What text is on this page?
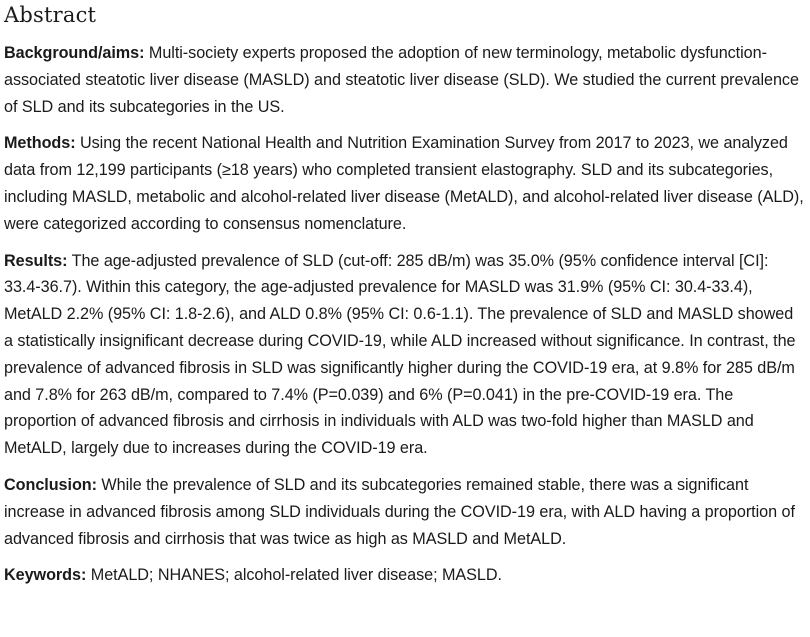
Abstract

Background/aims: Multi-society experts proposed the adoption of new terminology, metabolic dysfunction-associated steatotic liver disease (MASLD) and steatotic liver disease (SLD). We studied the current prevalence of SLD and its subcategories in the US.

Methods: Using the recent National Health and Nutrition Examination Survey from 2017 to 2023, we analyzed data from 12,199 participants (≥18 years) who completed transient elastography. SLD and its subcategories, including MASLD, metabolic and alcohol-related liver disease (MetALD), and alcohol-related liver disease (ALD), were categorized according to consensus nomenclature.

Results: The age-adjusted prevalence of SLD (cut-off: 285 dB/m) was 35.0% (95% confidence interval [CI]: 33.4-36.7). Within this category, the age-adjusted prevalence for MASLD was 31.9% (95% CI: 30.4-33.4), MetALD 2.2% (95% CI: 1.8-2.6), and ALD 0.8% (95% CI: 0.6-1.1). The prevalence of SLD and MASLD showed a statistically insignificant decrease during COVID-19, while ALD increased without significance. In contrast, the prevalence of advanced fibrosis in SLD was significantly higher during the COVID-19 era, at 9.8% for 285 dB/m and 7.8% for 263 dB/m, compared to 7.4% (P=0.039) and 6% (P=0.041) in the pre-COVID-19 era. The proportion of advanced fibrosis and cirrhosis in individuals with ALD was two-fold higher than MASLD and MetALD, largely due to increases during the COVID-19 era.

Conclusion: While the prevalence of SLD and its subcategories remained stable, there was a significant increase in advanced fibrosis among SLD individuals during the COVID-19 era, with ALD having a proportion of advanced fibrosis and cirrhosis that was twice as high as MASLD and MetALD.

Keywords: MetALD; NHANES; alcohol-related liver disease; MASLD.
